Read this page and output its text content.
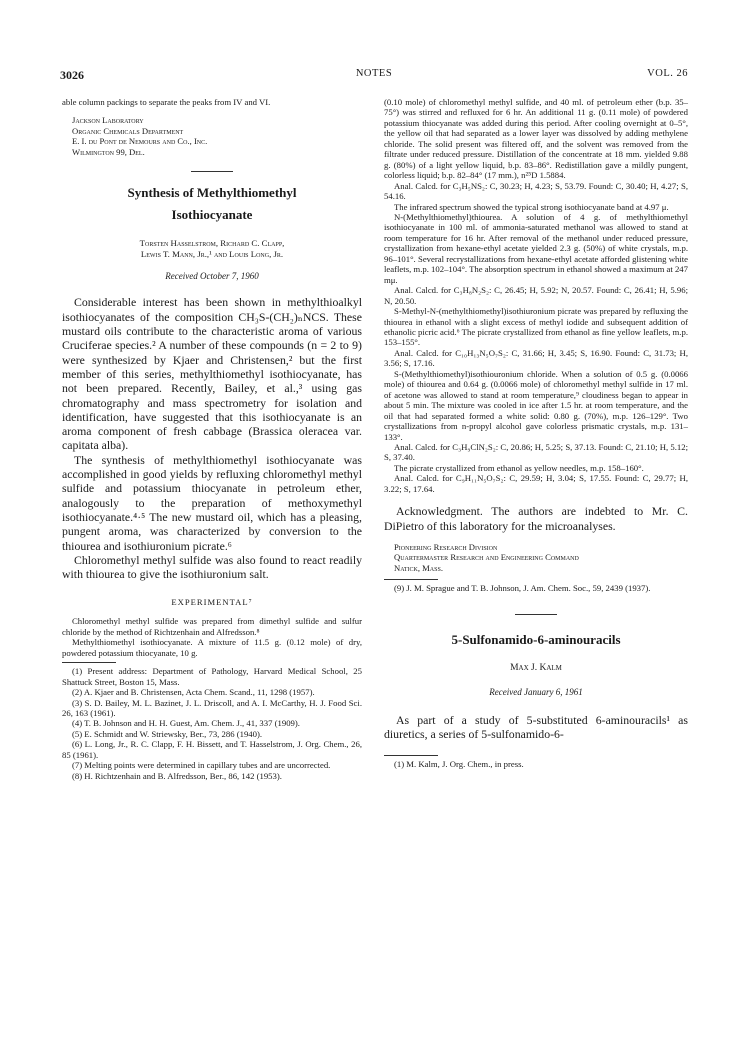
3026	NOTES	VOL. 26

able column packings to separate the peaks from IV and VI.

Jackson Laboratory
Organic Chemicals Department
E. I. du Pont de Nemours and Co., Inc.
Wilmington 99, Del.
Synthesis of Methylthiomethyl
Isothiocyanate
Torsten Hasselstrom, Richard C. Clapp,
Lewis T. Mann, Jr.,¹ and Louis Long, Jr.
Received October 7, 1960

Considerable interest has been shown in methylthioalkyl isothiocyanates of the composition CH₃S-(CH₂)ₙNCS. These mustard oils contribute to the characteristic aroma of various Cruciferae species.² A number of these compounds (n = 2 to 9) were synthesized by Kjaer and Christensen,² but the first member of this series, methylthiomethyl isothiocyanate, has not been prepared. Recently, Bailey, et al.,³ using gas chromatography and mass spectrometry for isolation and identification, have suggested that this isothiocyanate is an aroma component of fresh cabbage (Brassica oleracea var. capitata alba).

The synthesis of methylthiomethyl isothiocyanate was accomplished in good yields by refluxing chloromethyl methyl sulfide and potassium thiocyanate in petroleum ether, analogously to the preparation of methoxymethyl isothiocyanate.⁴·⁵ The new mustard oil, which has a pleasing, pungent aroma, was characterized by conversion to the thiourea and isothiuronium picrate.⁶

Chloromethyl methyl sulfide was also found to react readily with thiourea to give the isothiuronium salt.

EXPERIMENTAL⁷

Chloromethyl methyl sulfide was prepared from dimethyl sulfide and sulfur chloride by the method of Richtzenhain and Alfredsson.⁸

Methylthiomethyl isothiocyanate. A mixture of 11.5 g. (0.12 mole) of dry, powdered potassium thiocyanate, 10 g.

(1) Present address: Department of Pathology, Harvard Medical School, 25 Shattuck Street, Boston 15, Mass.

(2) A. Kjaer and B. Christensen, Acta Chem. Scand., 11, 1298 (1957).

(3) S. D. Bailey, M. L. Bazinet, J. L. Driscoll, and A. I. McCarthy, H. J. Food Sci. 26, 163 (1961).

(4) T. B. Johnson and H. H. Guest, Am. Chem. J., 41, 337 (1909).

(5) E. Schmidt and W. Striewsky, Ber., 73, 286 (1940).

(6) L. Long, Jr., R. C. Clapp, F. H. Bissett, and T. Hasselstrom, J. Org. Chem., 26, 85 (1961).

(7) Melting points were determined in capillary tubes and are uncorrected.

(8) H. Richtzenhain and B. Alfredsson, Ber., 86, 142 (1953).

(0.10 mole) of chloromethyl methyl sulfide, and 40 ml. of petroleum ether (b.p. 35–75°) was stirred and refluxed for 6 hr. An additional 11 g. (0.11 mole) of powdered potassium thiocyanate was added during this period. After cooling overnight at 0–5°, the yellow oil that had separated as a lower layer was dissolved by adding methylene chloride. The solid present was filtered off, and the solvent was removed from the filtrate under reduced pressure. Distillation of the concentrate at 18 mm. yielded 9.88 g. (80%) of a light yellow liquid, b.p. 83–86°. Redistillation gave a mildly pungent, colorless liquid; b.p. 82–84° (17 mm.), n²⁵D 1.5884.

Anal. Calcd. for C₃H₅NS₂: C, 30.23; H, 4.23; S, 53.79. Found: C, 30.40; H, 4.27; S, 54.16.

The infrared spectrum showed the typical strong isothiocyanate band at 4.97 μ.

N-(Methylthiomethyl)thiourea. A solution of 4 g. of methylthiomethyl isothiocyanate in 100 ml. of ammonia-saturated methanol was allowed to stand at room temperature for 16 hr. After removal of the methanol under reduced pressure, crystallization from hexane-ethyl acetate yielded 2.3 g. (50%) of white crystals, m.p. 96–101°. Several recrystallizations from hexane-ethyl acetate afforded glistening white leaflets, m.p. 102–104°. The absorption spectrum in ethanol showed a maximum at 247 mμ.

Anal. Calcd. for C₃H₈N₂S₂: C, 26.45; H, 5.92; N, 20.57. Found: C, 26.41; H, 5.96; N, 20.50.

S-Methyl-N-(methylthiomethyl)isothiuronium picrate was prepared by refluxing the thiourea in ethanol with a slight excess of methyl iodide and subsequent addition of ethanolic picric acid.⁶ The picrate crystallized from ethanol as fine yellow leaflets, m.p. 153–155°.

Anal. Calcd. for C₁₀H₁₃N₅O₇S₂: C, 31.66; H, 3.45; S, 16.90. Found: C, 31.73; H, 3.56; S, 17.16.

S-(Methylthiomethyl)isothiouronium chloride. When a solution of 0.5 g. (0.0066 mole) of thiourea and 0.64 g. (0.0066 mole) of chloromethyl methyl sulfide in 17 ml. of acetone was allowed to stand at room temperature,⁹ cloudiness began to appear in about 5 min. The mixture was cooled in ice after 1.5 hr. at room temperature, and the oil that had separated formed a white solid: 0.80 g. (70%), m.p. 126–129°. Two crystallizations from n-propyl alcohol gave colorless prismatic crystals, m.p. 131–133°.

Anal. Calcd. for C₃H₉ClN₂S₂: C, 20.86; H, 5.25; S, 37.13. Found: C, 21.10; H, 5.12; S, 37.40.

The picrate crystallized from ethanol as yellow needles, m.p. 158–160°.

Anal. Calcd. for C₉H₁₁N₅O₇S₂: C, 29.59; H, 3.04; S, 17.55. Found: C, 29.77; H, 3.22; S, 17.64.

Acknowledgment. The authors are indebted to Mr. C. DiPietro of this laboratory for the microanalyses.

Pioneering Research Division
Quartermaster Research and Engineering Command
Natick, Mass.

(9) J. M. Sprague and T. B. Johnson, J. Am. Chem. Soc., 59, 2439 (1937).

5-Sulfonamido-6-aminouracils
Max J. Kalm
Received January 6, 1961

As part of a study of 5-substituted 6-aminouracils¹ as diuretics, a series of 5-sulfonamido-6-

(1) M. Kalm, J. Org. Chem., in press.
